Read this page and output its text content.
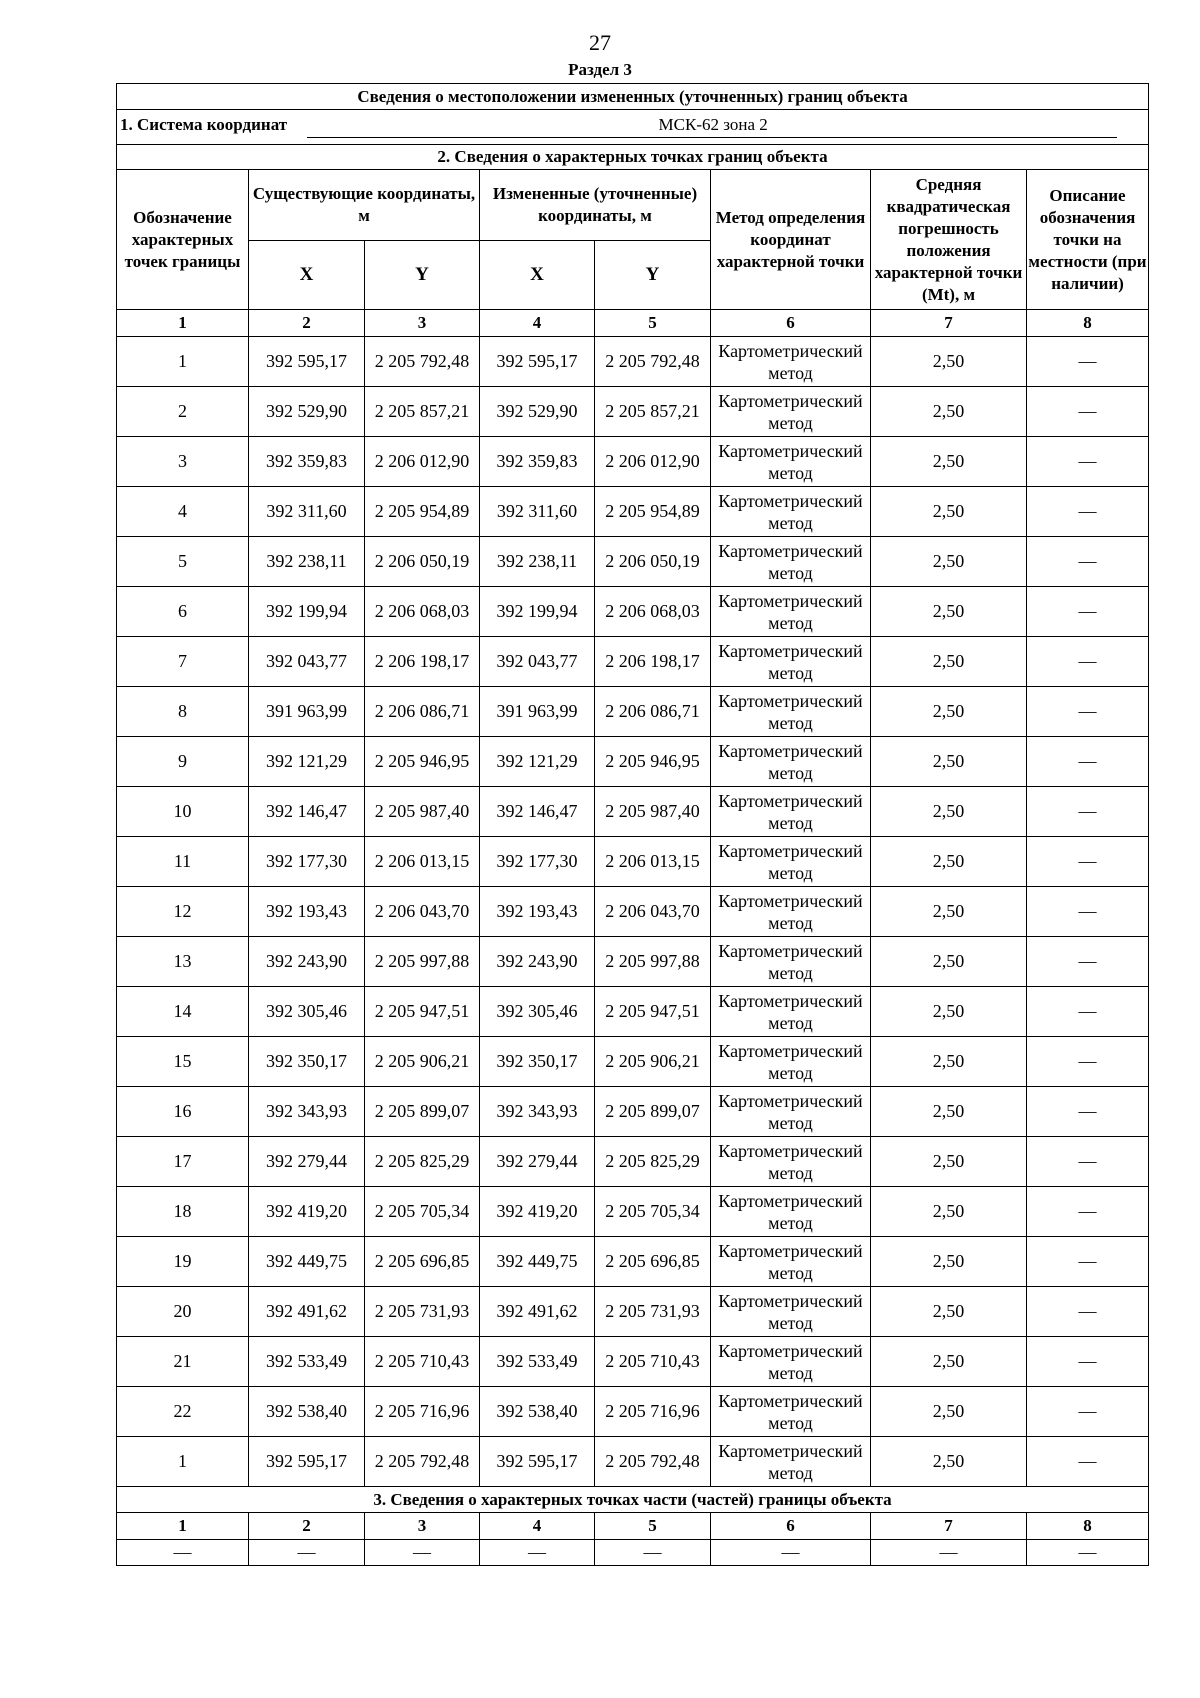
27
Раздел 3
Сведения о местоположении измененных (уточненных) границ объекта							

1. Система координат МСК-62 зона 2							

2. Сведения о характерных точках границ объекта							
Обозначение характерных точек границы	Существующие координаты, м		Измененные (уточненные) координаты, м		Метод определения координат характерной точки	Средняя квадратическая погрешность положения характерной точки (Mt), м	Описание обозначения точки на местности (при наличии)
	X	Y	X	Y			
1	2	3	4	5	6	7	8
1	392 595,17	2 205 792,48	392 595,17	2 205 792,48	Картометрический метод	2,50	—
2	392 529,90	2 205 857,21	392 529,90	2 205 857,21	Картометрический метод	2,50	—
3	392 359,83	2 206 012,90	392 359,83	2 206 012,90	Картометрический метод	2,50	—
4	392 311,60	2 205 954,89	392 311,60	2 205 954,89	Картометрический метод	2,50	—
5	392 238,11	2 206 050,19	392 238,11	2 206 050,19	Картометрический метод	2,50	—
6	392 199,94	2 206 068,03	392 199,94	2 206 068,03	Картометрический метод	2,50	—
7	392 043,77	2 206 198,17	392 043,77	2 206 198,17	Картометрический метод	2,50	—
8	391 963,99	2 206 086,71	391 963,99	2 206 086,71	Картометрический метод	2,50	—
9	392 121,29	2 205 946,95	392 121,29	2 205 946,95	Картометрический метод	2,50	—
10	392 146,47	2 205 987,40	392 146,47	2 205 987,40	Картометрический метод	2,50	—
11	392 177,30	2 206 013,15	392 177,30	2 206 013,15	Картометрический метод	2,50	—
12	392 193,43	2 206 043,70	392 193,43	2 206 043,70	Картометрический метод	2,50	—
13	392 243,90	2 205 997,88	392 243,90	2 205 997,88	Картометрический метод	2,50	—
14	392 305,46	2 205 947,51	392 305,46	2 205 947,51	Картометрический метод	2,50	—
15	392 350,17	2 205 906,21	392 350,17	2 205 906,21	Картометрический метод	2,50	—
16	392 343,93	2 205 899,07	392 343,93	2 205 899,07	Картометрический метод	2,50	—
17	392 279,44	2 205 825,29	392 279,44	2 205 825,29	Картометрический метод	2,50	—
18	392 419,20	2 205 705,34	392 419,20	2 205 705,34	Картометрический метод	2,50	—
19	392 449,75	2 205 696,85	392 449,75	2 205 696,85	Картометрический метод	2,50	—
20	392 491,62	2 205 731,93	392 491,62	2 205 731,93	Картометрический метод	2,50	—
21	392 533,49	2 205 710,43	392 533,49	2 205 710,43	Картометрический метод	2,50	—
22	392 538,40	2 205 716,96	392 538,40	2 205 716,96	Картометрический метод	2,50	—
1	392 595,17	2 205 792,48	392 595,17	2 205 792,48	Картометрический метод	2,50	—
3. Сведения о характерных точках части (частей) границы объекта							
1	2	3	4	5	6	7	8
—	—	—	—	—	—	—	—
